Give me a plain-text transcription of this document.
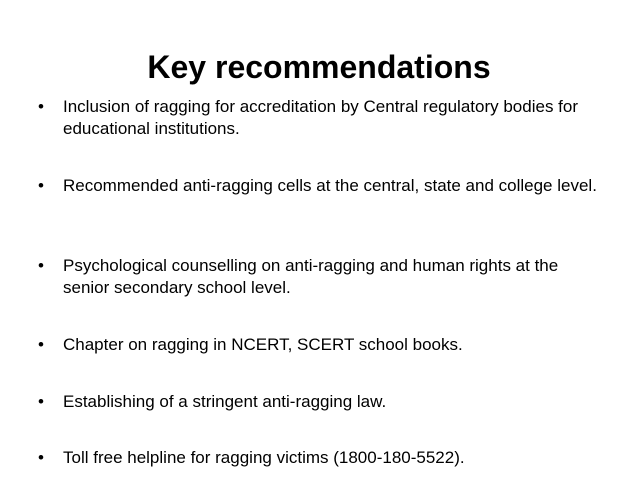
Key recommendations
•	Inclusion of ragging for accreditation by Central regulatory bodies for educational institutions.
•	Recommended anti-ragging cells at the central, state and college level.
•	Psychological counselling on anti-ragging and human rights at the senior secondary school level.
•	Chapter on ragging in NCERT, SCERT school books.
•	Establishing of a stringent anti-ragging law.
•	Toll free helpline for ragging victims (1800-180-5522).
